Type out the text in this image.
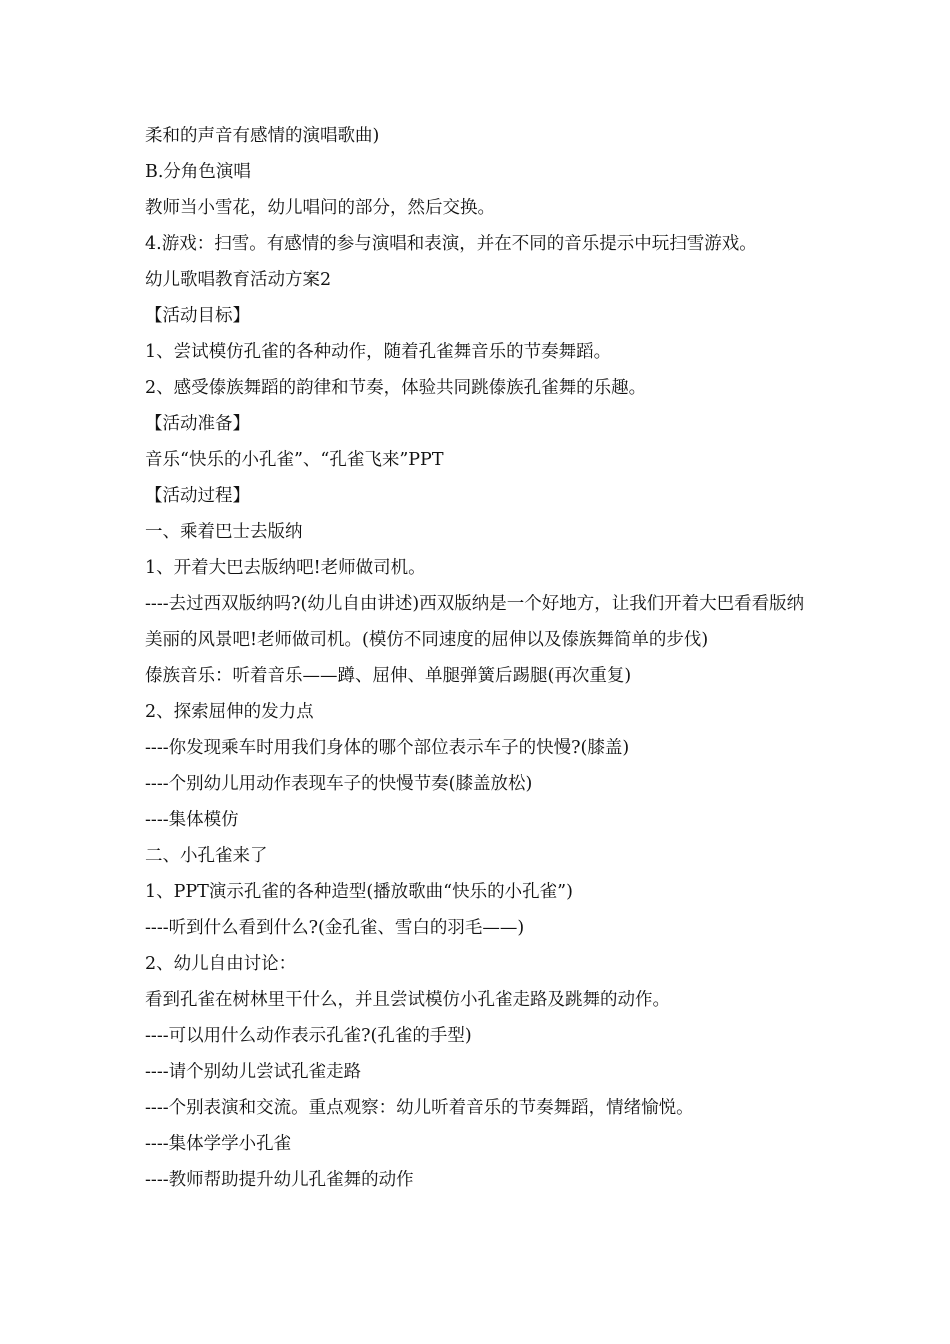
柔和的声音有感情的演唱歌曲)

B.分角色演唱

教师当小雪花，幼儿唱问的部分，然后交换。

4.游戏：扫雪。有感情的参与演唱和表演，并在不同的音乐提示中玩扫雪游戏。

幼儿歌唱教育活动方案2

【活动目标】

1、尝试模仿孔雀的各种动作，随着孔雀舞音乐的节奏舞蹈。

2、感受傣族舞蹈的韵律和节奏，体验共同跳傣族孔雀舞的乐趣。

【活动准备】

音乐“快乐的小孔雀”、“孔雀飞来”PPT

【活动过程】

一、乘着巴士去版纳

1、开着大巴去版纳吧!老师做司机。

----去过西双版纳吗?(幼儿自由讲述)西双版纳是一个好地方，让我们开着大巴看看版纳美丽的风景吧!老师做司机。(模仿不同速度的屈伸以及傣族舞简单的步伐)

傣族音乐：听着音乐——蹲、屈伸、单腿弹簧后踢腿(再次重复)

2、探索屈伸的发力点

----你发现乘车时用我们身体的哪个部位表示车子的快慢?(膝盖)

----个别幼儿用动作表现车子的快慢节奏(膝盖放松)

----集体模仿

二、小孔雀来了

1、PPT演示孔雀的各种造型(播放歌曲“快乐的小孔雀”)

----听到什么看到什么?(金孔雀、雪白的羽毛——)

2、幼儿自由讨论：

看到孔雀在树林里干什么，并且尝试模仿小孔雀走路及跳舞的动作。

----可以用什么动作表示孔雀?(孔雀的手型)

----请个别幼儿尝试孔雀走路

----个别表演和交流。重点观察：幼儿听着音乐的节奏舞蹈，情绪愉悦。

----集体学学小孔雀

----教师帮助提升幼儿孔雀舞的动作
